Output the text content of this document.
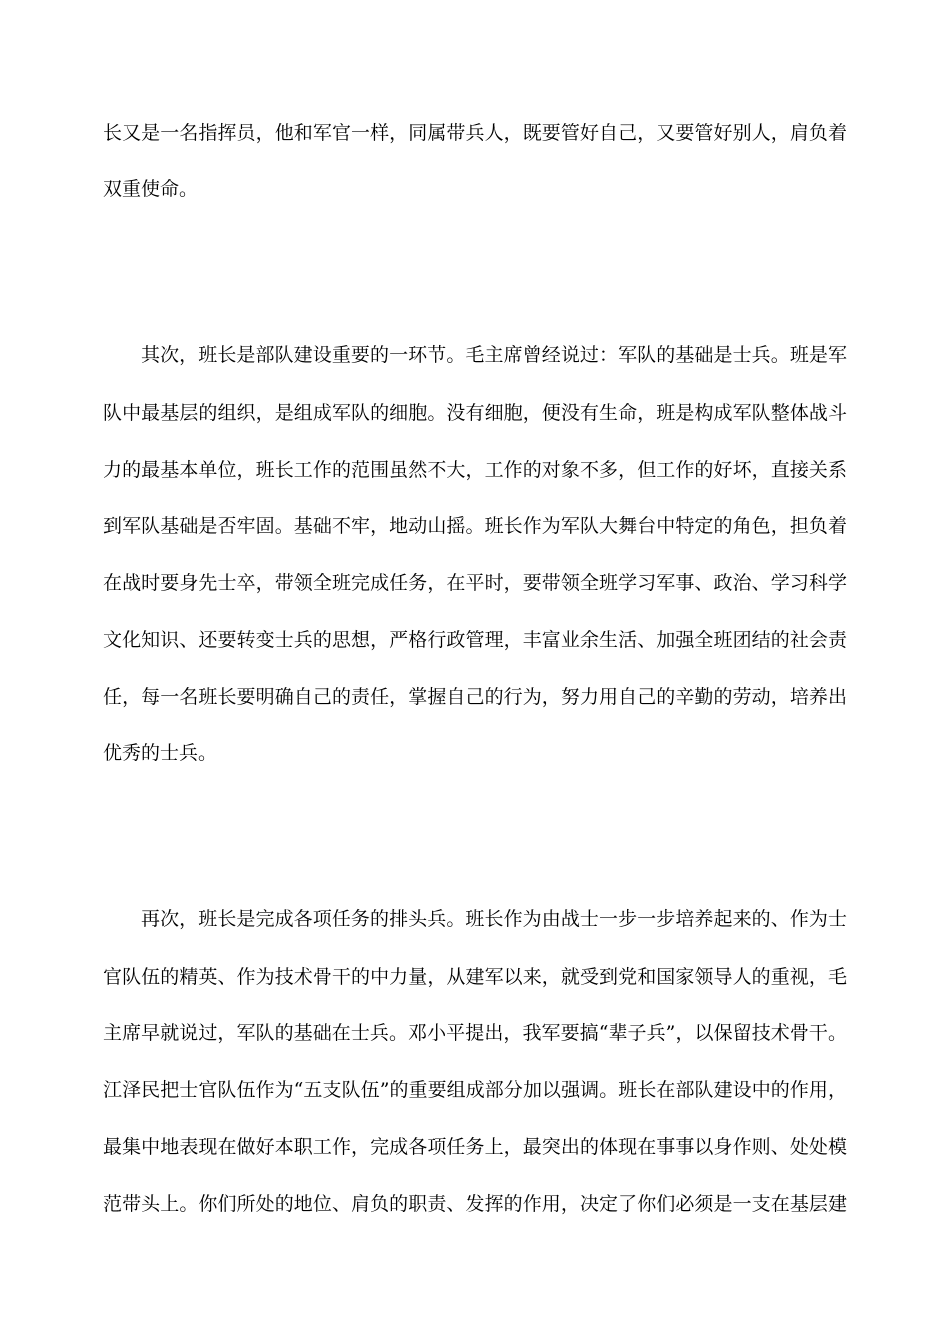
长又是一名指挥员，他和军官一样，同属带兵人，既要管好自己，又要管好别人，肩负着
双重使命。
其次，班长是部队建设重要的一环节。毛主席曾经说过：军队的基础是士兵。班是军
队中最基层的组织，是组成军队的细胞。没有细胞，便没有生命，班是构成军队整体战斗
力的最基本单位，班长工作的范围虽然不大，工作的对象不多，但工作的好坏，直接关系
到军队基础是否牢固。基础不牢，地动山摇。班长作为军队大舞台中特定的角色，担负着
在战时要身先士卒，带领全班完成任务，在平时，要带领全班学习军事、政治、学习科学
文化知识、还要转变士兵的思想，严格行政管理，丰富业余生活、加强全班团结的社会责
任，每一名班长要明确自己的责任，掌握自己的行为，努力用自己的辛勤的劳动，培养出
优秀的士兵。
再次，班长是完成各项任务的排头兵。班长作为由战士一步一步培养起来的、作为士
官队伍的精英、作为技术骨干的中力量，从建军以来，就受到党和国家领导人的重视，毛
主席早就说过，军队的基础在士兵。邓小平提出，我军要搞“辈子兵”，以保留技术骨干。
江泽民把士官队伍作为“五支队伍”的重要组成部分加以强调。班长在部队建设中的作用，
最集中地表现在做好本职工作，完成各项任务上，最突出的体现在事事以身作则、处处模
范带头上。你们所处的地位、肩负的职责、发挥的作用，决定了你们必须是一支在基层建
